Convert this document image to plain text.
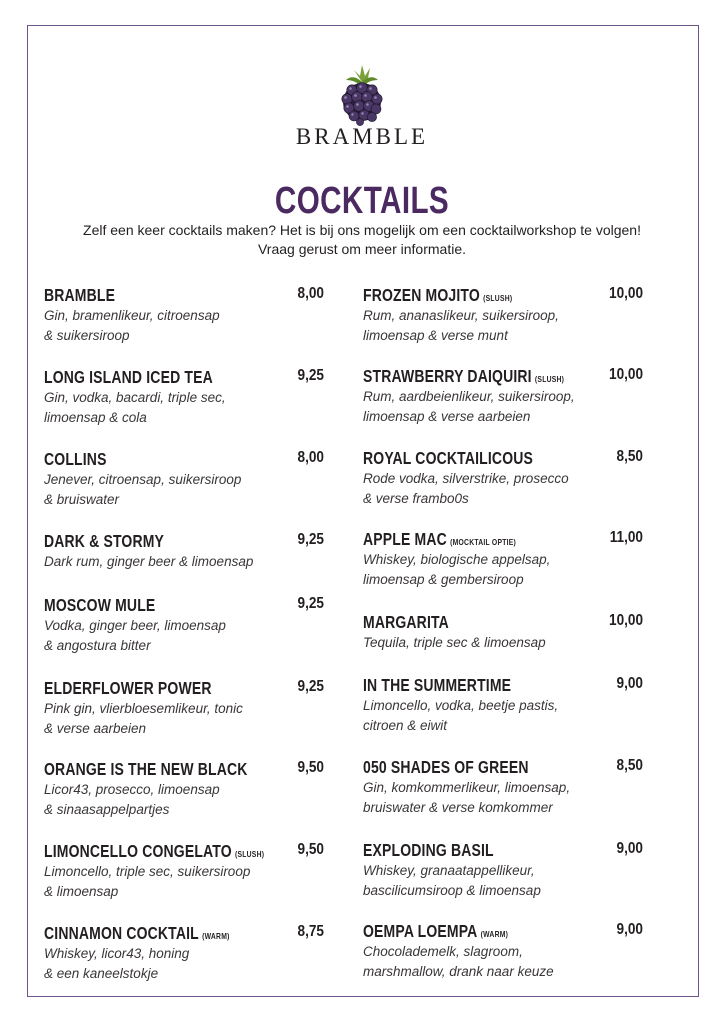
BRAMBLE
COCKTAILS
Zelf een keer cocktails maken? Het is bij ons mogelijk om een cocktailworkshop te volgen!
Vraag gerust om meer informatie.
BRAMBLE	8,00
Gin, bramenlikeur, citroensap
& suikersiroop
LONG ISLAND ICED TEA	9,25
Gin, vodka, bacardi, triple sec,
limoensap & cola
COLLINS	8,00
Jenever, citroensap, suikersiroop
& bruiswater
DARK & STORMY	9,25
Dark rum, ginger beer & limoensap
MOSCOW MULE	9,25
Vodka, ginger beer, limoensap
& angostura bitter
ELDERFLOWER POWER	9,25
Pink gin, vlierbloesemlikeur, tonic
& verse aarbeien
ORANGE IS THE NEW BLACK	9,50
Licor43, prosecco, limoensap
& sinaasappelpartjes
LIMONCELLO CONGELATO (SLUSH)	9,50
Limoncello, triple sec, suikersiroop
& limoensap
CINNAMON COCKTAIL (WARM)	8,75
Whiskey, licor43, honing
& een kaneelstokje
FROZEN MOJITO (SLUSH)	10,00
Rum, ananaslikeur, suikersiroop,
limoensap & verse munt
STRAWBERRY DAIQUIRI (SLUSH)	10,00
Rum, aardbeienlikeur, suikersiroop,
limoensap & verse aarbeien
ROYAL COCKTAILICOUS	8,50
Rode vodka, silverstrike, prosecco
& verse frambo0s
APPLE MAC (MOCKTAIL OPTIE)	11,00
Whiskey, biologische appelsap,
limoensap & gembersiroop
MARGARITA	10,00
Tequila, triple sec & limoensap
IN THE SUMMERTIME	9,00
Limoncello, vodka, beetje pastis,
citroen & eiwit
050 SHADES OF GREEN	8,50
Gin, komkommerlikeur, limoensap,
bruiswater & verse komkommer
EXPLODING BASIL	9,00
Whiskey, granaatappellikeur,
bascilicumsiroop & limoensap
OEMPA LOEMPA (WARM)	9,00
Chocolademelk, slagroom,
marshmallow, drank naar keuze
